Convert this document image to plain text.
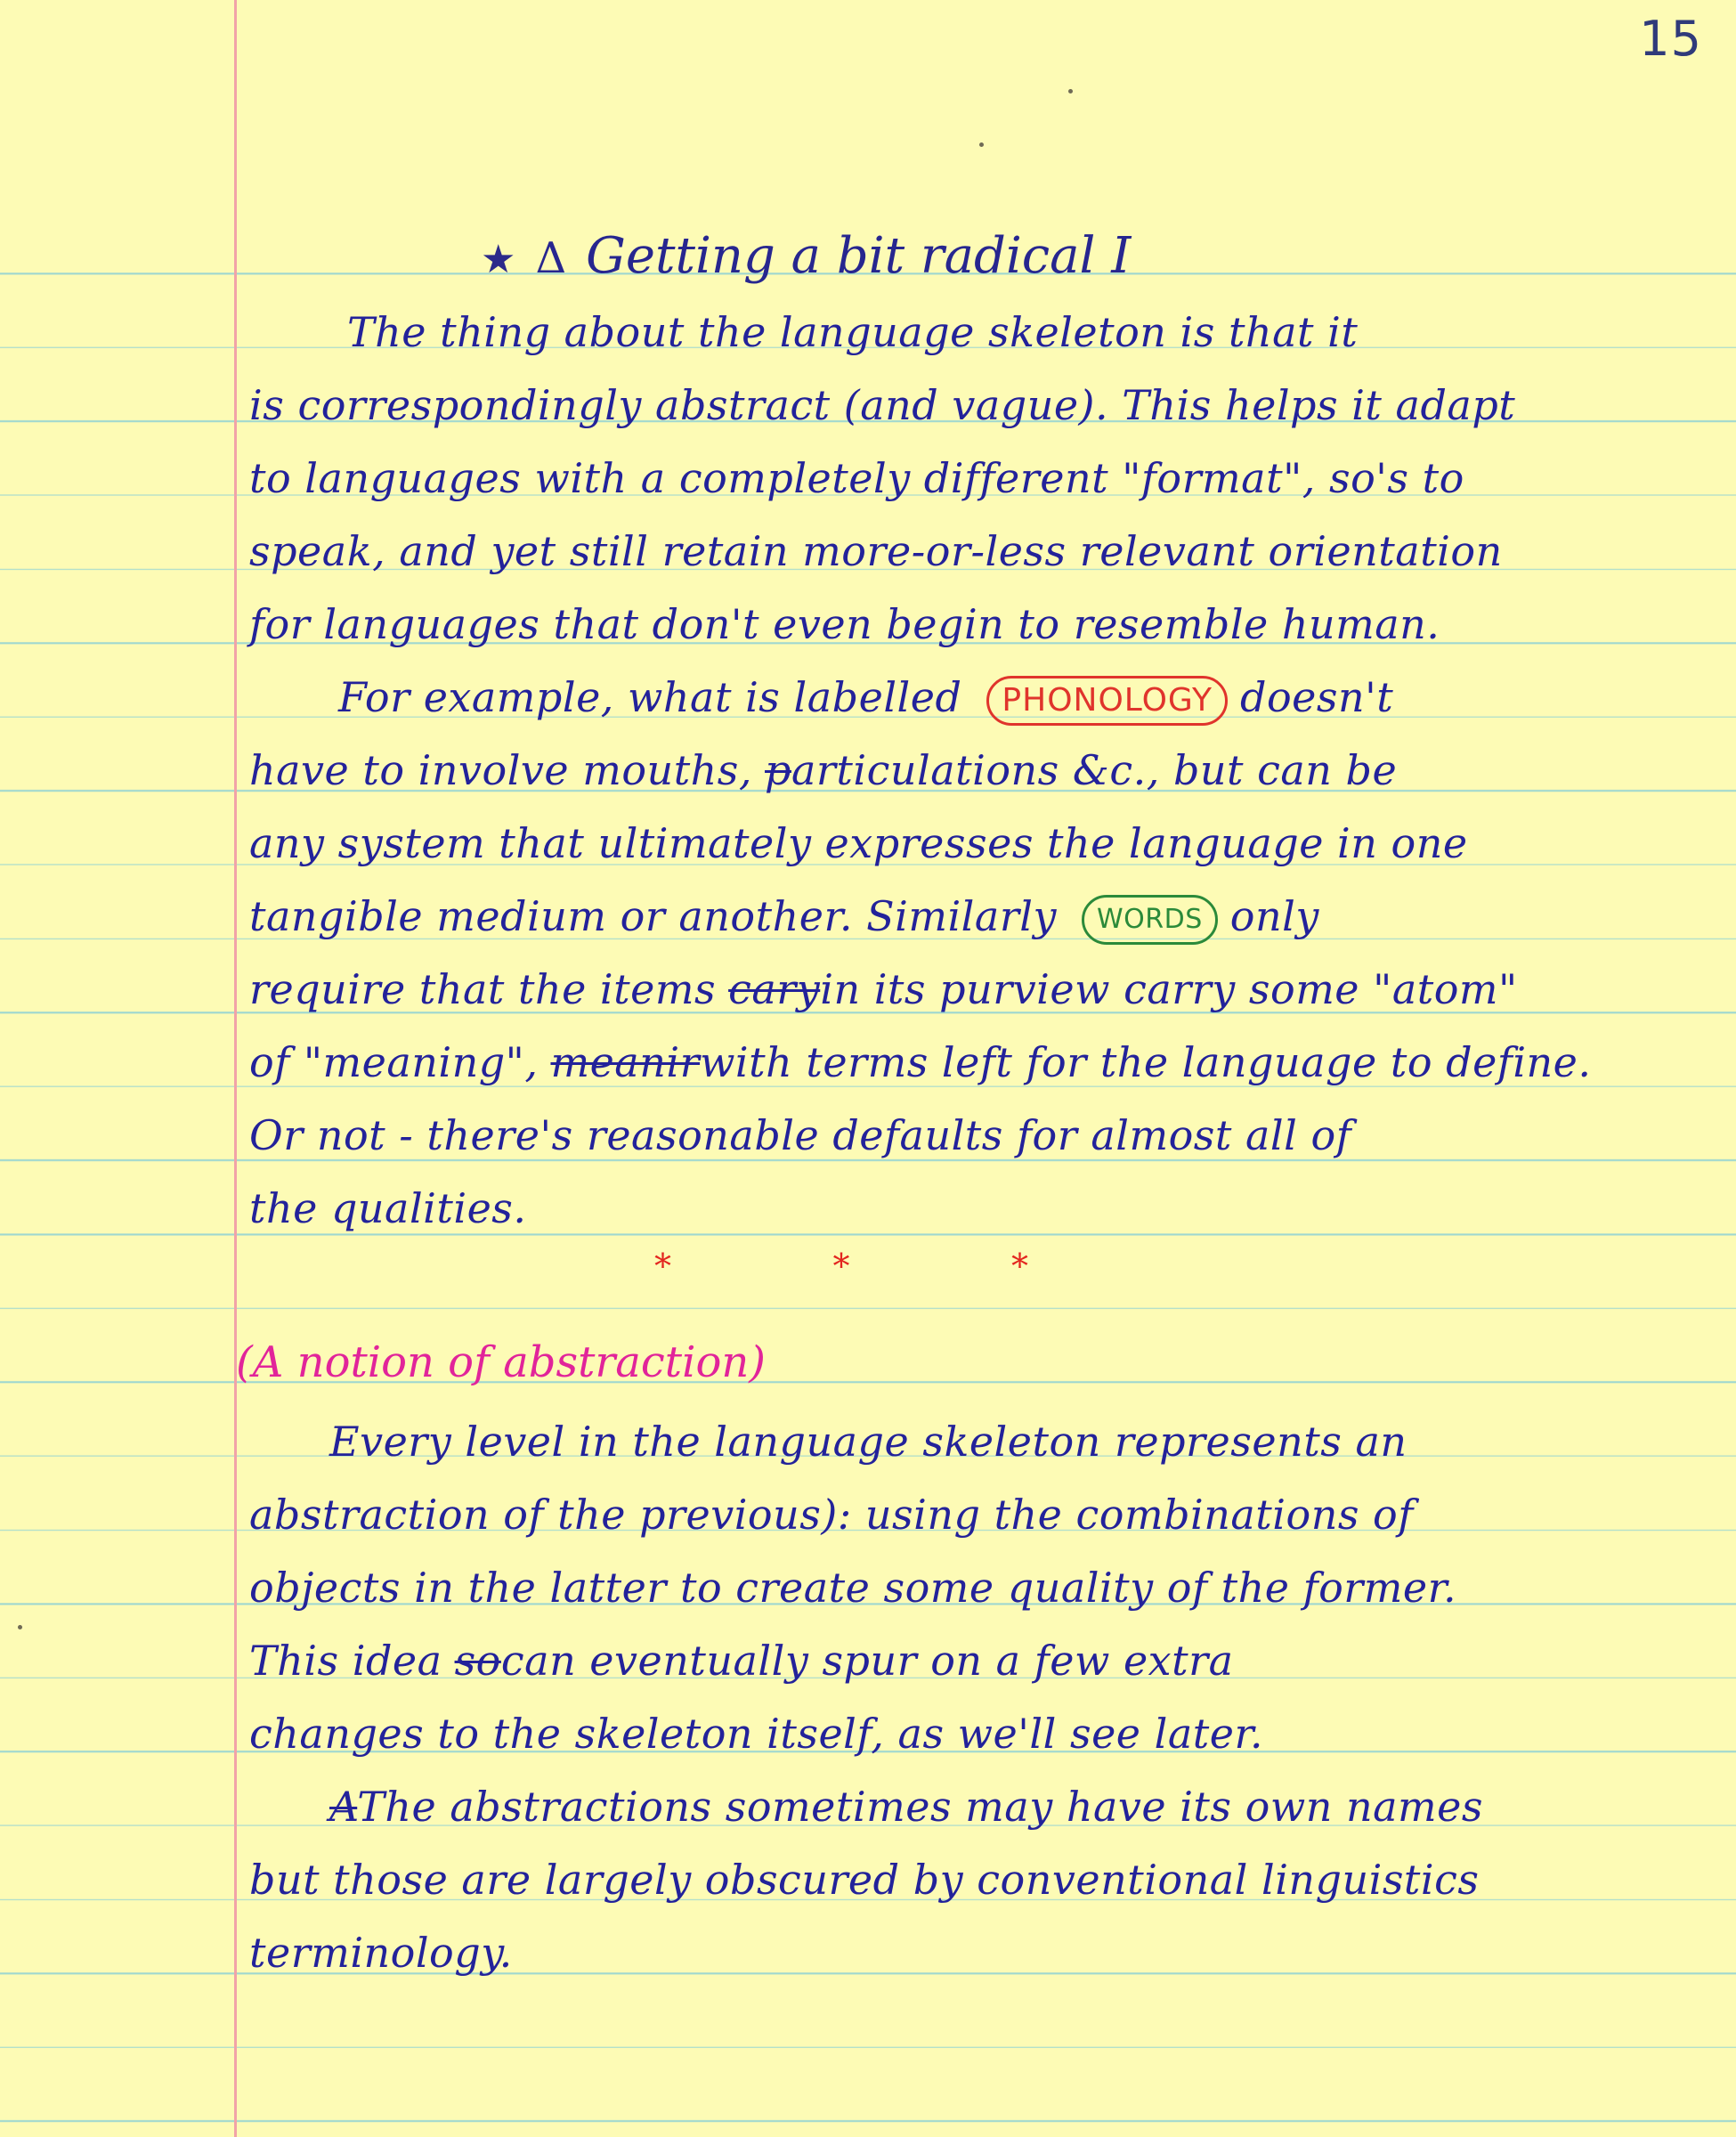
15
★ Δ Getting a bit radical I
The thing about the language skeleton is that it
is correspondingly abstract (and vague). This helps it adapt
to languages with a completely different "format", so's to
speak, and yet still retain more-or-less relevant orientation
for languages that don't even begin to resemble human.
For example, what is labelled PHONOLOGY doesn't
have to involve mouths, particulations &c., but can be
any system that ultimately expresses the language in one
tangible medium or another. Similarly WORDS only
require that the items caryin its purview carry some "atom"
of "meaning", meanirwith terms left for the language to define.
Or not - there's reasonable defaults for almost all of
the qualities.
*	*	*
(A notion of abstraction)
Every level in the language skeleton represents an
abstraction of the previous): using the combinations of
objects in the latter to create some quality of the former.
This idea socan eventually spur on a few extra
changes to the skeleton itself, as we'll see later.
AThe abstractions sometimes may have its own names
but those are largely obscured by conventional linguistics
terminology.
